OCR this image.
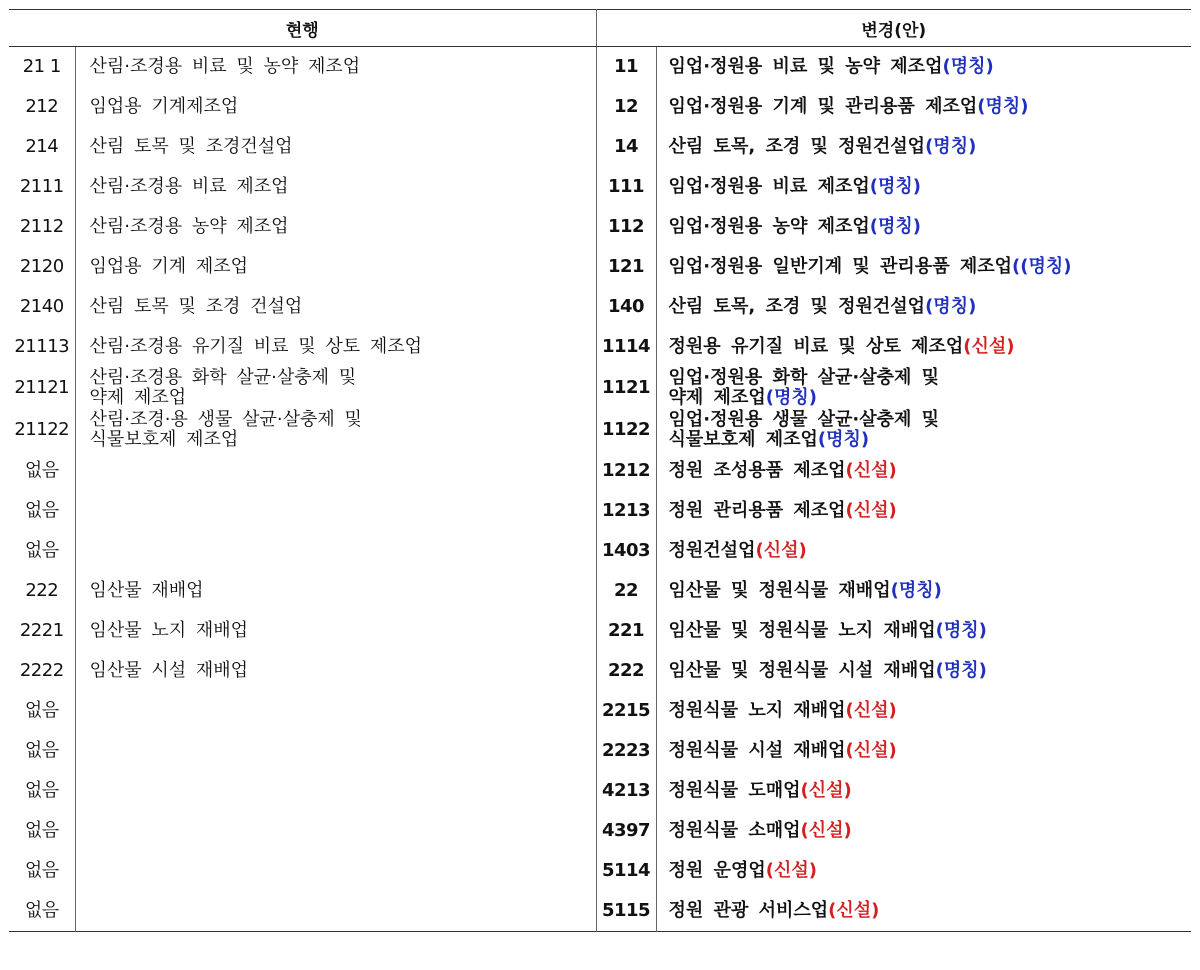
현행		변경(안)	
21 1	산림·조경용 비료 및 농약 제조업	11	임업·정원용 비료 및 농약 제조업(명칭)

212	임업용 기계제조업	12	임업·정원용 기계 및 관리용품 제조업(명칭)

214	산림 토목 및 조경건설업	14	산림 토목, 조경 및 정원건설업(명칭)

2111	산림·조경용 비료 제조업	111	임업·정원용 비료 제조업(명칭)

2112	산림·조경용 농약 제조업	112	임업·정원용 농약 제조업(명칭)

2120	임업용 기계 제조업	121	임업·정원용 일반기계 및 관리용품 제조업((명칭)

2140	산림 토목 및 조경 건설업	140	산림 토목, 조경 및 정원건설업(명칭)

21113	산림·조경용 유기질 비료 및 상토 제조업	1114	정원용 유기질 비료 및 상토 제조업(신설)

21121	산림·조경용 화학 살균·살충제 및
약제 제조업	1121	임업·정원용 화학 살균·살충제 및
약제 제조업(명칭)

21122	산림·조경·용 생물 살균·살충제 및
식물보호제 제조업	1122	임업·정원용 생물 살균·살충제 및
식물보호제 제조업(명칭)

없음		1212	정원 조성용품 제조업(신설)

없음		1213	정원 관리용품 제조업(신설)

없음		1403	정원건설업(신설)

222	임산물 재배업	22	임산물 및 정원식물 재배업(명칭)

2221	임산물 노지 재배업	221	임산물 및 정원식물 노지 재배업(명칭)

2222	임산물 시설 재배업	222	임산물 및 정원식물 시설 재배업(명칭)

없음		2215	정원식물 노지 재배업(신설)

없음		2223	정원식물 시설 재배업(신설)

없음		4213	정원식물 도매업(신설)

없음		4397	정원식물 소매업(신설)

없음		5114	정원 운영업(신설)

없음		5115	정원 관광 서비스업(신설)
